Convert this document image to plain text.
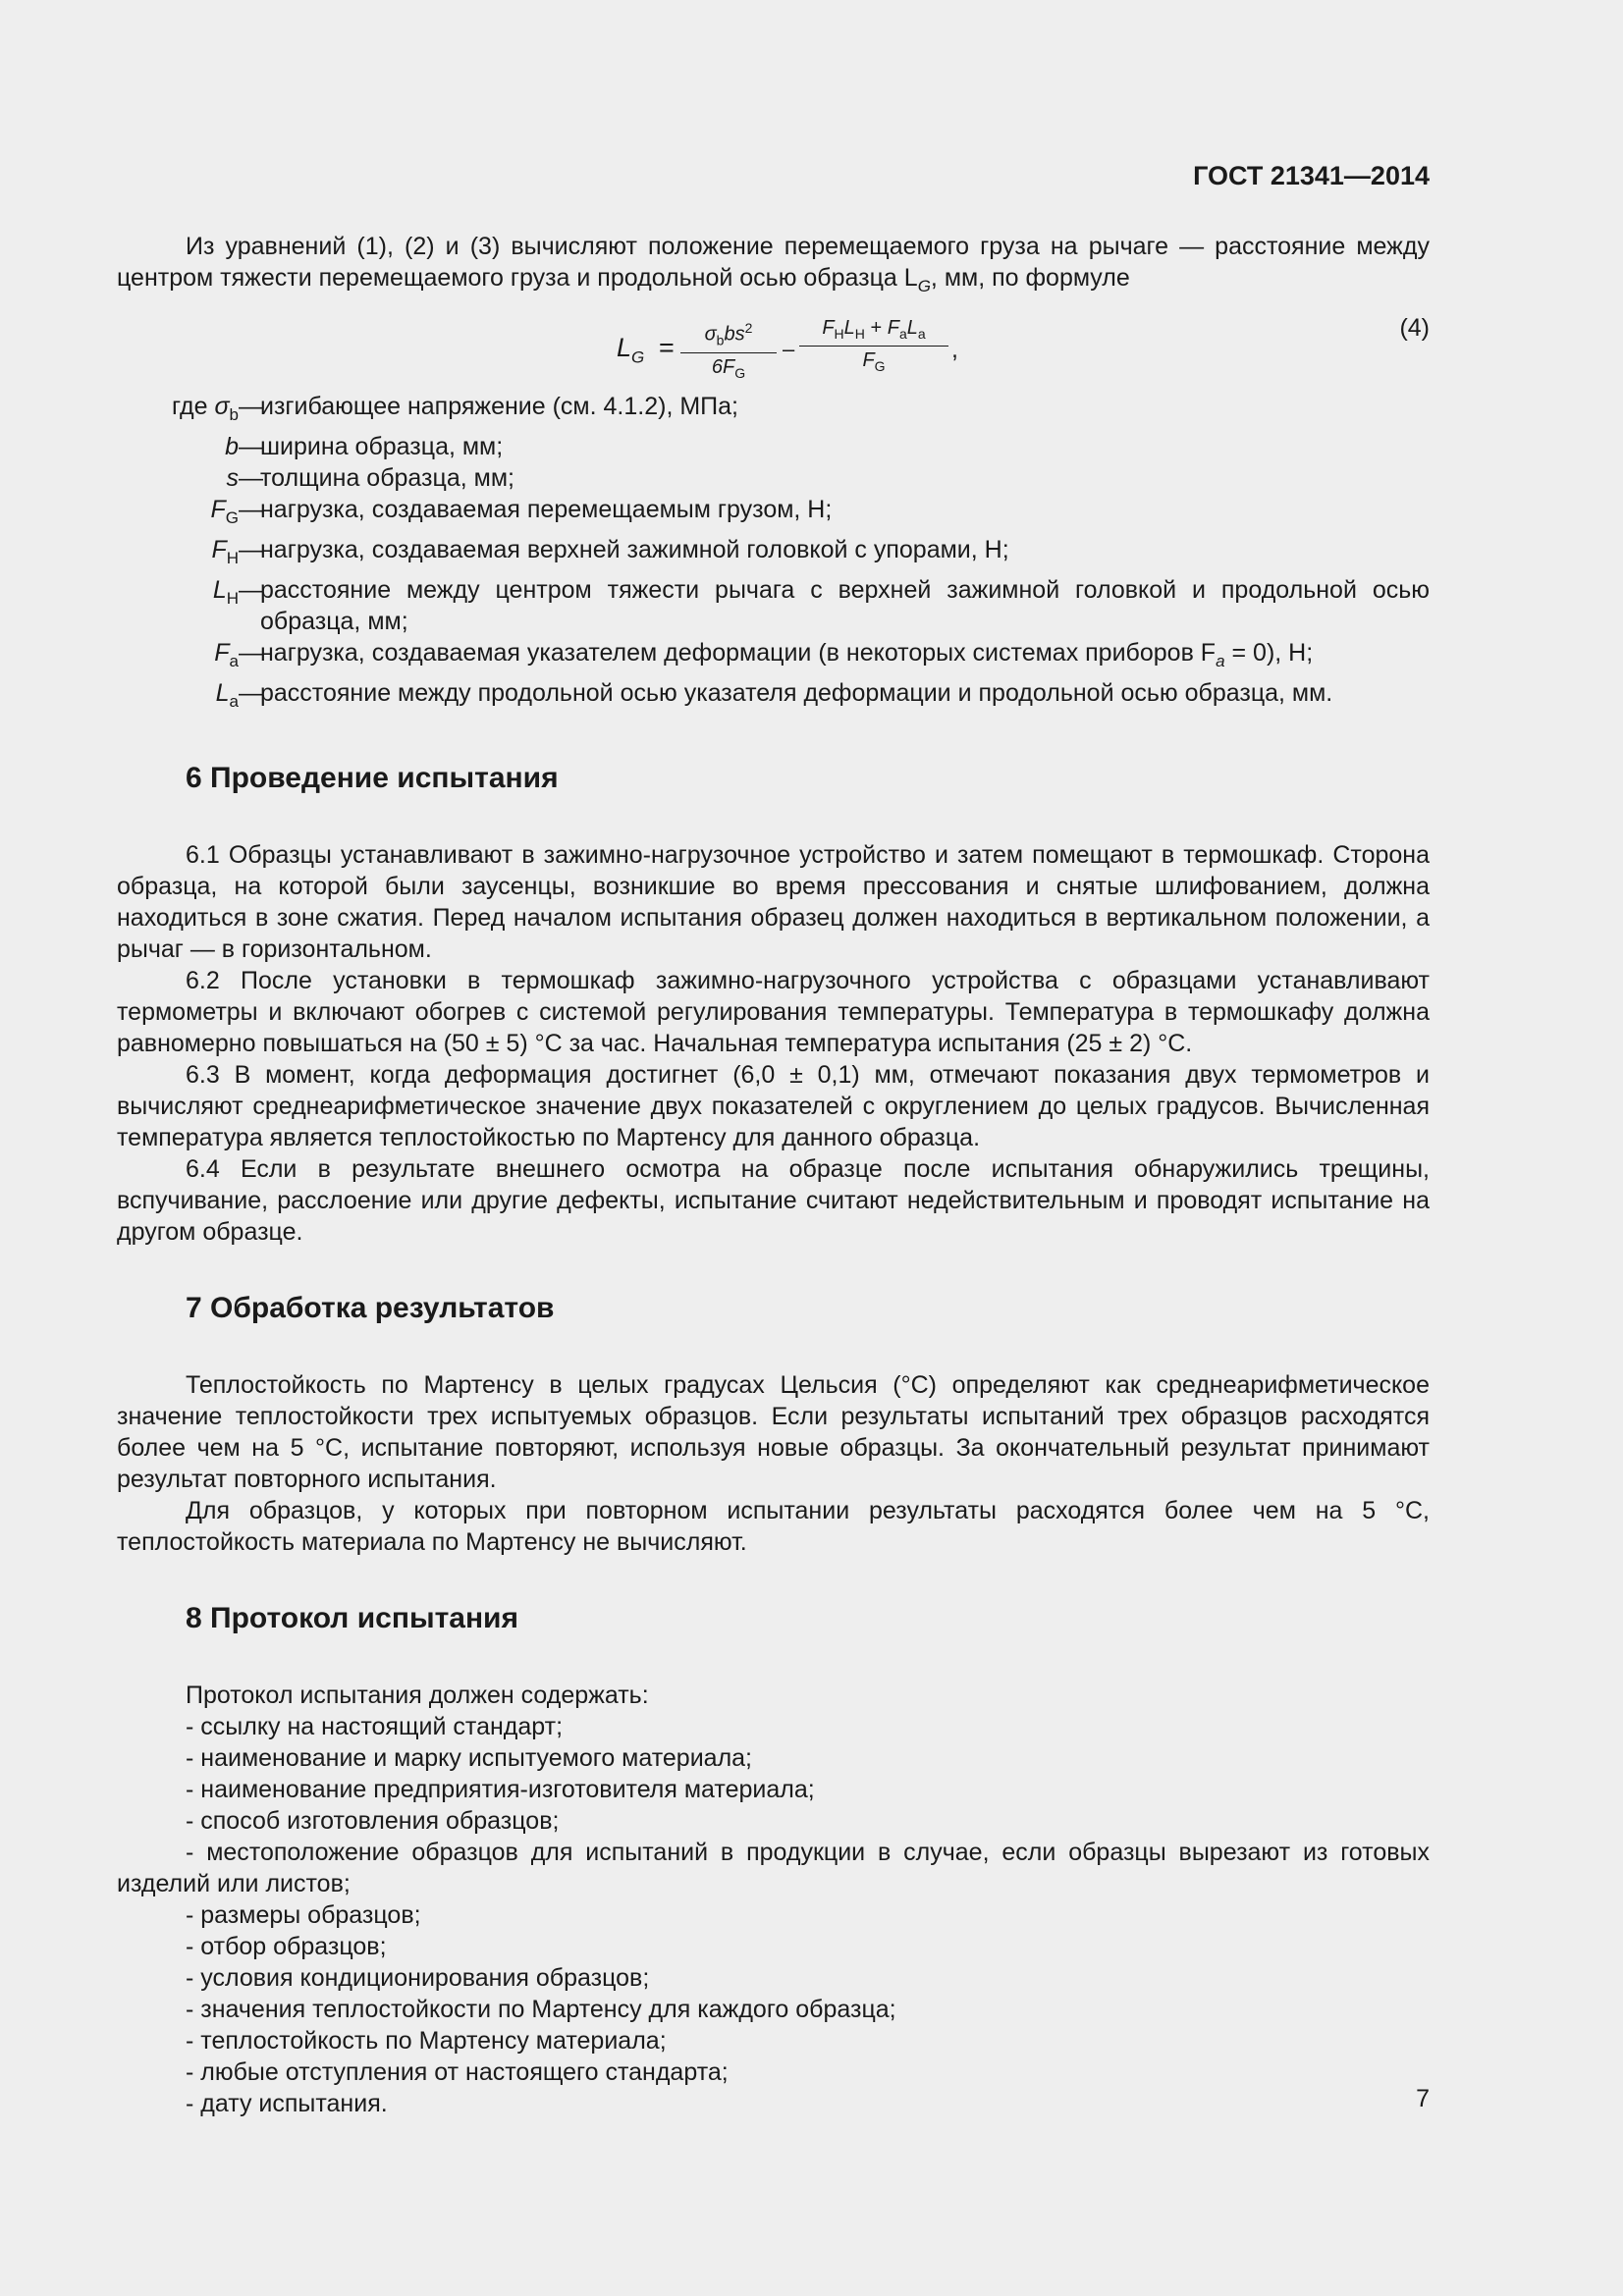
ГОСТ 21341—2014

Из уравнений (1), (2) и (3) вычисляют положение перемещаемого груза на рычаге — расстояние между центром тяжести перемещаемого груза и продольной осью образца $L_G$, мм, по формуле

$L_G$ =	$\sigma_bbs^2$
$6F_G$
–
$F_HL_H + F_aL_a$
$F_G$
,
(4)
где $\sigma_b$ —
изгибающее напряжение (см. 4.1.2), МПа;
b —
ширина образца, мм;
s —
толщина образца, мм;
$F_G$ —
нагрузка, создаваемая перемещаемым грузом, Н;
$F_H$ —
нагрузка, создаваемая верхней зажимной головкой с упорами, Н;
$L_H$ —
расстояние между центром тяжести рычага с верхней зажимной головкой и продольной осью образца, мм;
$F_a$ —
нагрузка, создаваемая указателем деформации (в некоторых системах приборов $F_a = 0$), Н;
$L_a$ —
расстояние между продольной осью указателя деформации и продольной осью образца, мм.
6 Проведение испытания

6.1 Образцы устанавливают в зажимно-нагрузочное устройство и затем помещают в термошкаф. Сторона образца, на которой были заусенцы, возникшие во время прессования и снятые шлифованием, должна находиться в зоне сжатия. Перед началом испытания образец должен находиться в вертикальном положении, а рычаг — в горизонтальном.

6.2 После установки в термошкаф зажимно-нагрузочного устройства с образцами устанавливают термометры и включают обогрев с системой регулирования температуры. Температура в термошкафу должна равномерно повышаться на (50 ± 5) °С за час. Начальная температура испытания (25 ± 2) °С.

6.3 В момент, когда деформация достигнет (6,0 ± 0,1) мм, отмечают показания двух термометров и вычисляют среднеарифметическое значение двух показателей с округлением до целых градусов. Вычисленная температура является теплостойкостью по Мартенсу для данного образца.

6.4 Если в результате внешнего осмотра на образце после испытания обнаружились трещины, вспучивание, расслоение или другие дефекты, испытание считают недействительным и проводят испытание на другом образце.

7 Обработка результатов

Теплостойкость по Мартенсу в целых градусах Цельсия (°С) определяют как среднеарифметическое значение теплостойкости трех испытуемых образцов. Если результаты испытаний трех образцов расходятся более чем на 5 °С, испытание повторяют, используя новые образцы. За окончательный результат принимают результат повторного испытания.

Для образцов, у которых при повторном испытании результаты расходятся более чем на 5 °С, теплостойкость материала по Мартенсу не вычисляют.

8 Протокол испытания

Протокол испытания должен содержать:

- ссылку на настоящий стандарт;
- наименование и марку испытуемого материала;
- наименование предприятия-изготовителя материала;
- способ изготовления образцов;

- местоположение образцов для испытаний в продукции в случае, если образцы вырезают из готовых изделий или листов;

- размеры образцов;
- отбор образцов;
- условия кондиционирования образцов;
- значения теплостойкости по Мартенсу для каждого образца;
- теплостойкость по Мартенсу материала;
- любые отступления от настоящего стандарта;
- дату испытания.	7
